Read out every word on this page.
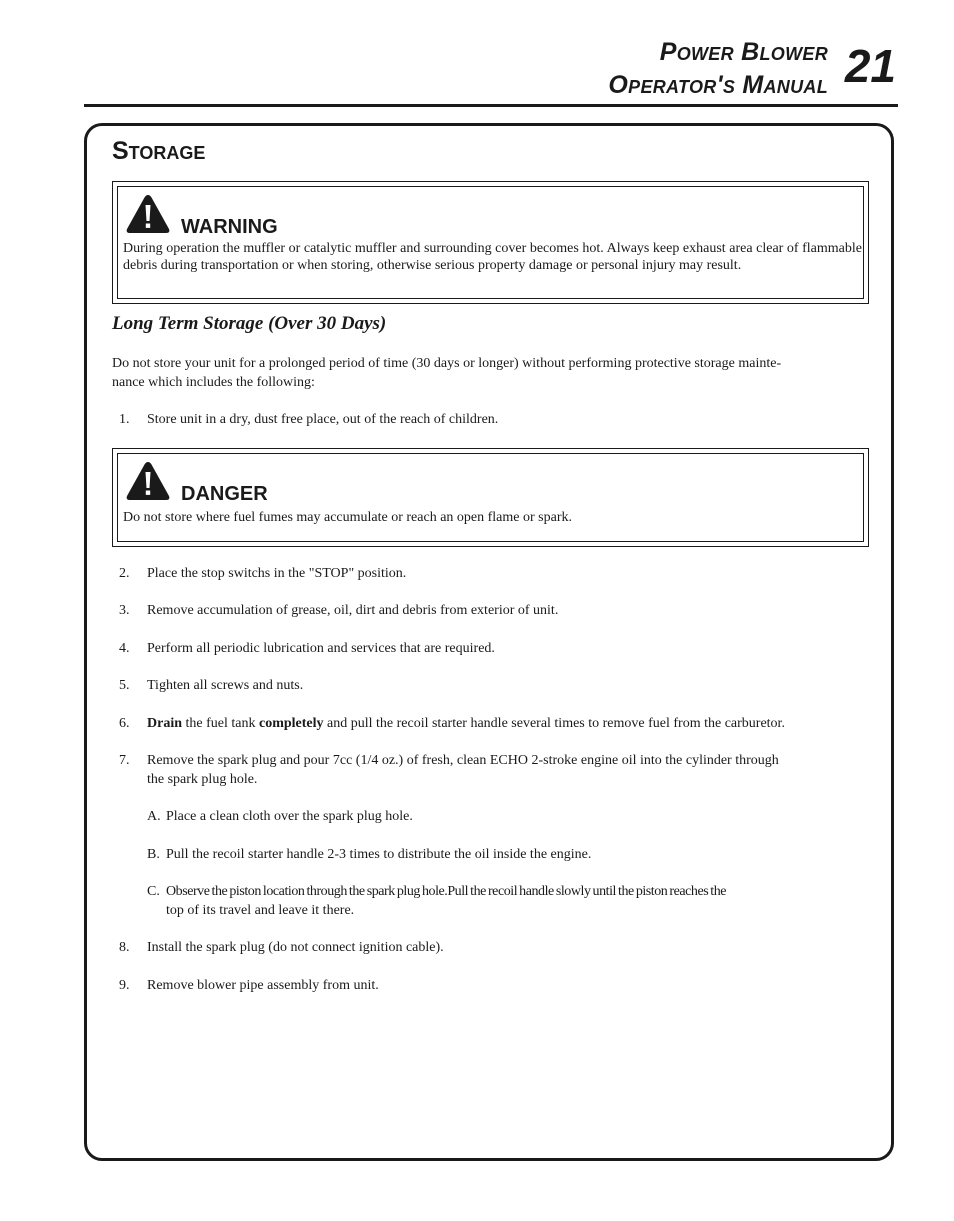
Power Blower
Operator's Manual 21
Storage
WARNING
During operation the muffler or catalytic muffler and surrounding cover becomes hot. Always keep exhaust area clear of flammable debris during transportation or when storing, otherwise serious property damage or personal injury may result.
Long Term Storage (Over 30 Days)
Do not store your unit for a prolonged period of time (30 days or longer) without performing protective storage mainte-
nance which includes the following:
1. Store unit in a dry, dust free place, out of the reach of children.
DANGER
Do not store where fuel fumes may accumulate or reach an open flame or spark.
2. Place the stop switchs in the "STOP" position.
3. Remove accumulation of grease, oil, dirt and debris from exterior of unit.
4. Perform all periodic lubrication and services that are required.
5. Tighten all screws and nuts.
6. Drain the fuel tank completely and pull the recoil starter handle several times to remove fuel from the carburetor.
7. Remove the spark plug and pour 7cc (1/4 oz.) of fresh, clean ECHO 2-stroke engine oil into the cylinder through
the spark plug hole.
A. Place a clean cloth over the spark plug hole.
B. Pull the recoil starter handle 2-3 times to distribute the oil inside the engine.
C. Observe the piston location through the spark plug hole.Pull the recoil handle slowly until the piston reaches the
top of its travel and leave it there.
8. Install the spark plug (do not connect ignition cable).
9. Remove blower pipe assembly from unit.
